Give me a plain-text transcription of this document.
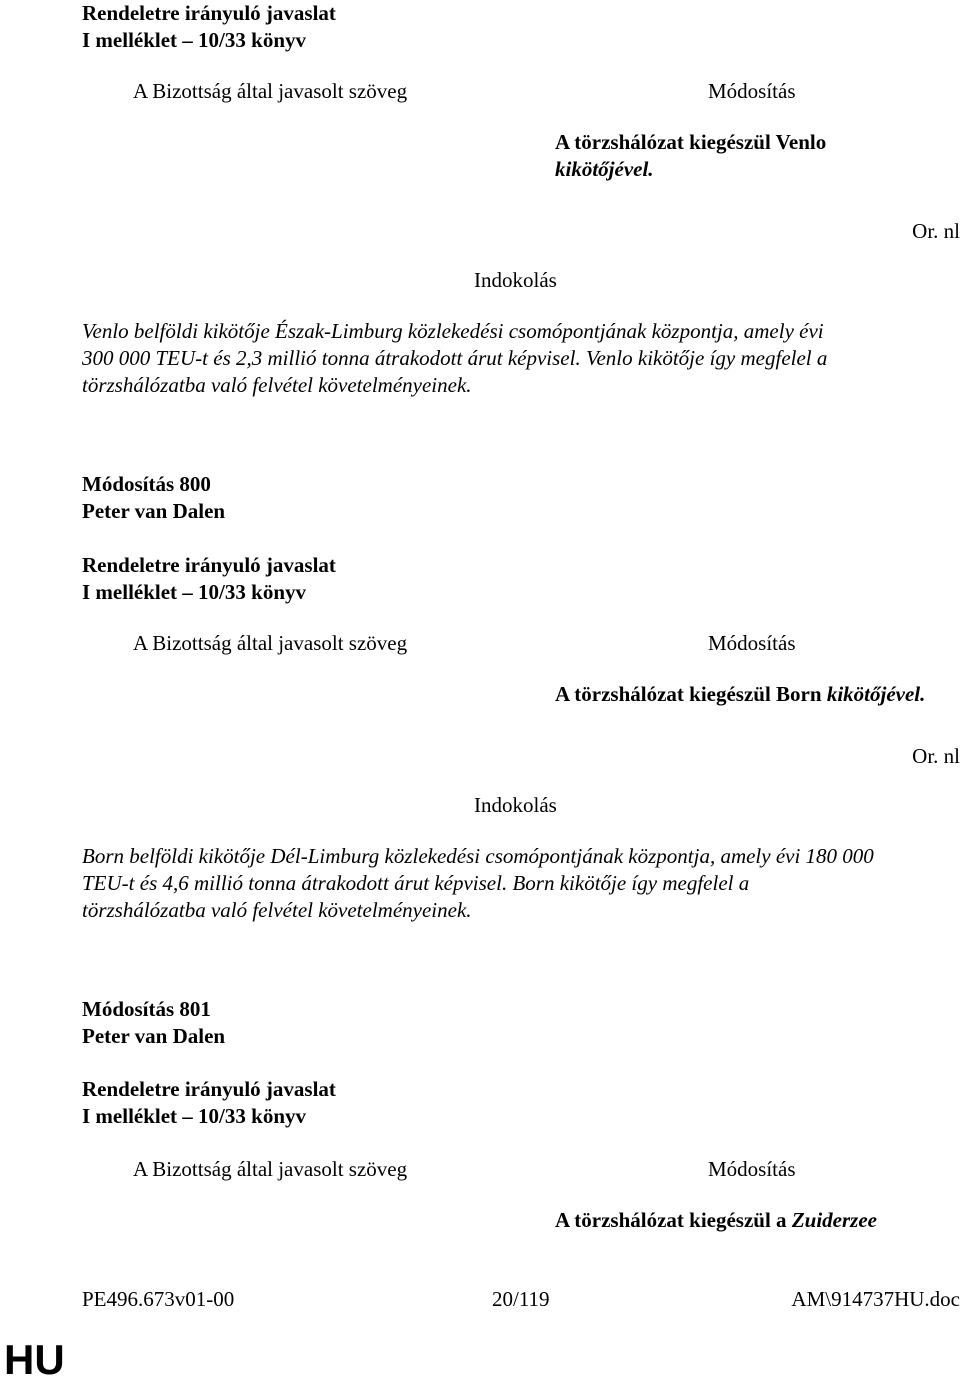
Rendeletre irányuló javaslat
I melléklet – 10/33 könyv
A Bizottság által javasolt szöveg	Módosítás
A törzshálózat kiegészül Venlo
kikötőjével.
Or. nl
Indokolás
Venlo belföldi kikötője Észak-Limburg közlekedési csomópontjának központja, amely évi
300 000 TEU-t és 2,3 millió tonna átrakodott árut képvisel. Venlo kikötője így megfelel a
törzshálózatba való felvétel követelményeinek.
Módosítás 800
Peter van Dalen
Rendeletre irányuló javaslat
I melléklet – 10/33 könyv
A Bizottság által javasolt szöveg	Módosítás
A törzshálózat kiegészül Born kikötőjével.
Or. nl
Indokolás
Born belföldi kikötője Dél-Limburg közlekedési csomópontjának központja, amely évi 180 000
TEU-t és 4,6 millió tonna átrakodott árut képvisel. Born kikötője így megfelel a
törzshálózatba való felvétel követelményeinek.
Módosítás 801
Peter van Dalen
Rendeletre irányuló javaslat
I melléklet – 10/33 könyv
A Bizottság által javasolt szöveg	Módosítás
A törzshálózat kiegészül a Zuiderzee
PE496.673v01-00	20/119	AM\914737HU.doc
HU
